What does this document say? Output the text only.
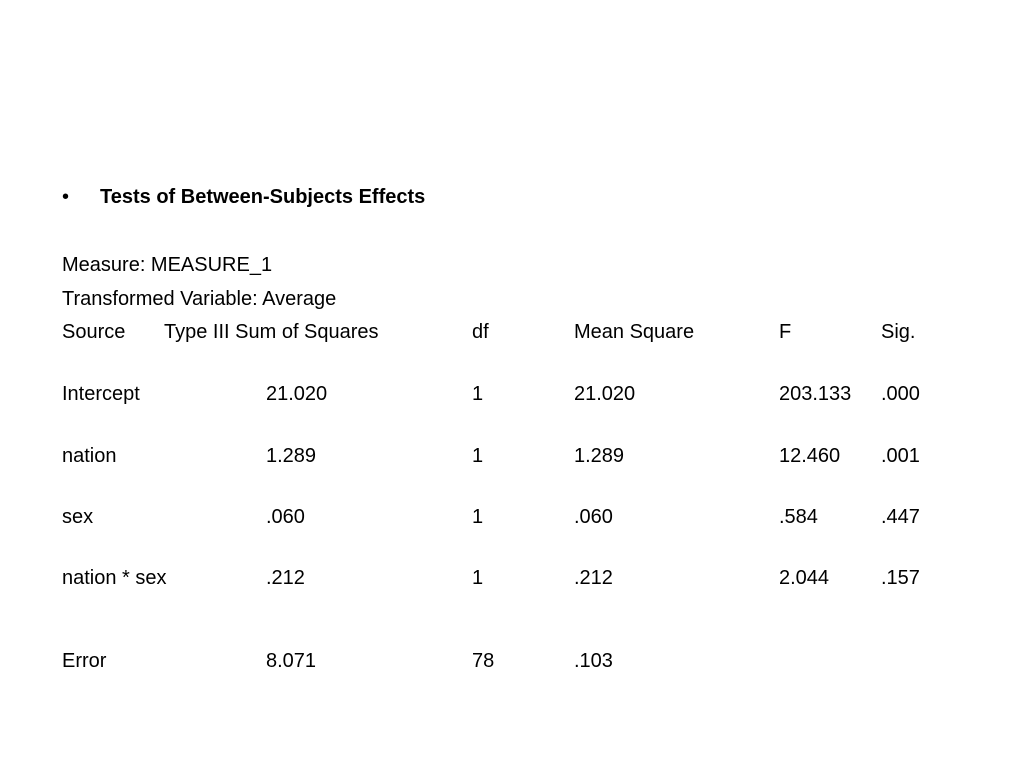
• Tests of Between-Subjects Effects
Measure: MEASURE_1
Transformed Variable: Average
Source Type III Sum of Squares	df	Mean Square	F	Sig.
Intercept	21.020	1	21.020	203.133 .000
nation	1.289	1	1.289	12.460 .001
sex	.060	1	.060	.584	.447
nation * sex	.212	1	.212	2.044	.157
Error	8.071	78	.103
